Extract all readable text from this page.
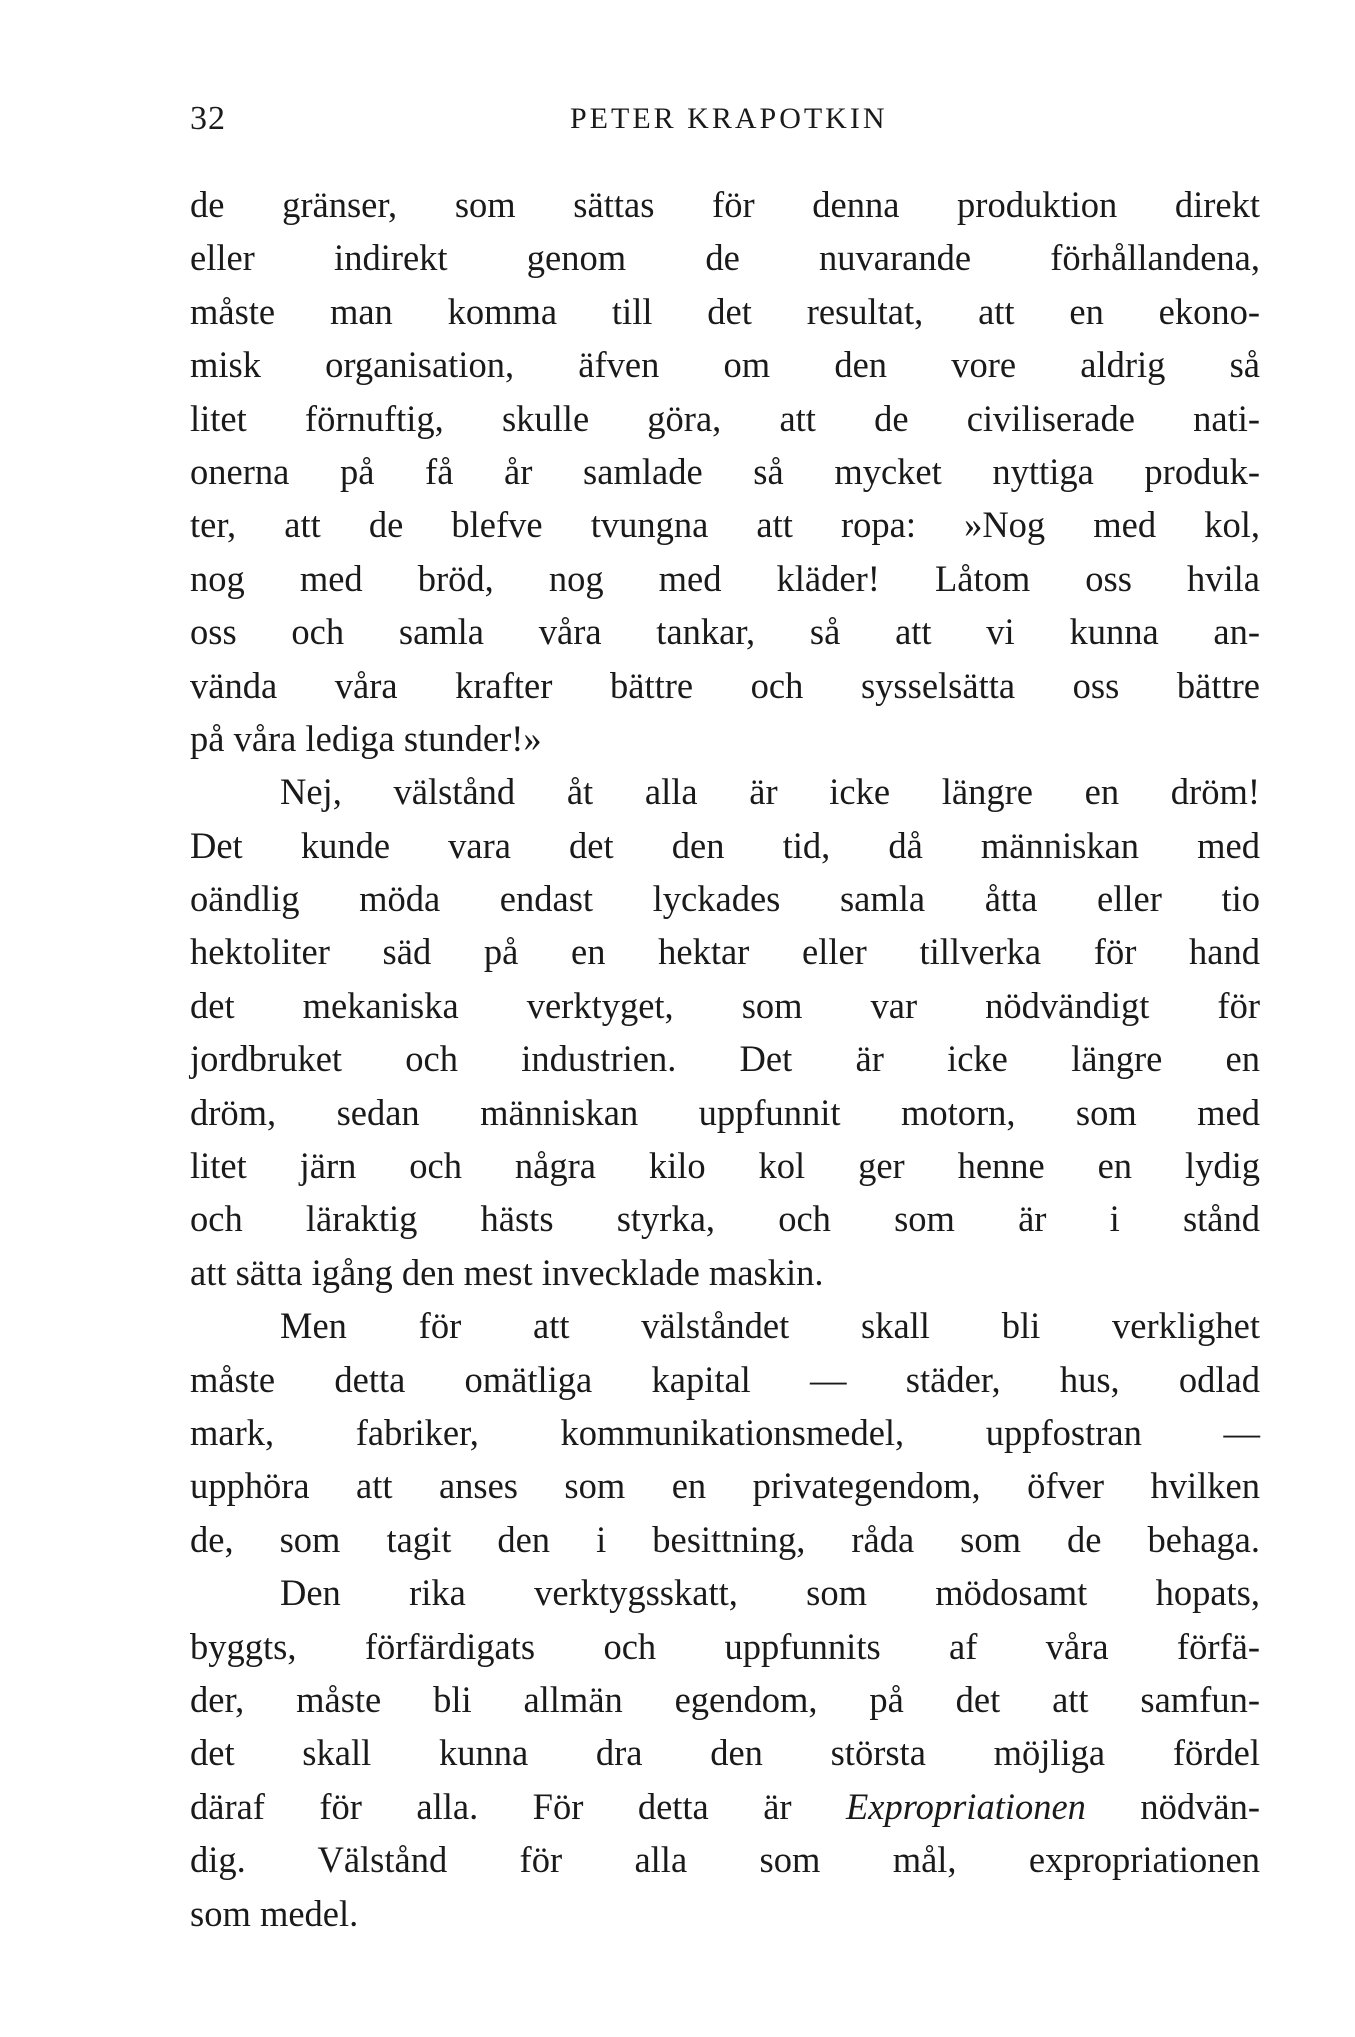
32	PETER KRAPOTKIN
de gränser, som sättas för denna produktion direkt
eller indirekt genom de nuvarande förhållandena,
måste man komma till det resultat, att en ekono-
misk organisation, äfven om den vore aldrig så
litet förnuftig, skulle göra, att de civiliserade nati-
onerna på få år samlade så mycket nyttiga produk-
ter, att de blefve tvungna att ropa: »Nog med kol,
nog med bröd, nog med kläder! Låtom oss hvila
oss och samla våra tankar, så att vi kunna an-
vända våra krafter bättre och sysselsätta oss bättre
på våra lediga stunder!»
Nej, välstånd åt alla är icke längre en dröm!
Det kunde vara det den tid, då människan med
oändlig möda endast lyckades samla åtta eller tio
hektoliter säd på en hektar eller tillverka för hand
det mekaniska verktyget, som var nödvändigt för
jordbruket och industrien. Det är icke längre en
dröm, sedan människan uppfunnit motorn, som med
litet järn och några kilo kol ger henne en lydig
och läraktig hästs styrka, och som är i stånd
att sätta igång den mest invecklade maskin.
Men för att välståndet skall bli verklighet
måste detta omätliga kapital — städer, hus, odlad
mark, fabriker, kommunikationsmedel, uppfostran —
upphöra att anses som en privategendom, öfver hvilken
de, som tagit den i besittning, råda som de behaga.
Den rika verktygsskatt, som mödosamt hopats,
byggts, förfärdigats och uppfunnits af våra förfä-
der, måste bli allmän egendom, på det att samfun-
det skall kunna dra den största möjliga fördel
däraf för alla. För detta är Expropriationen nödvän-
dig. Välstånd för alla som mål, expropriationen
som medel.
